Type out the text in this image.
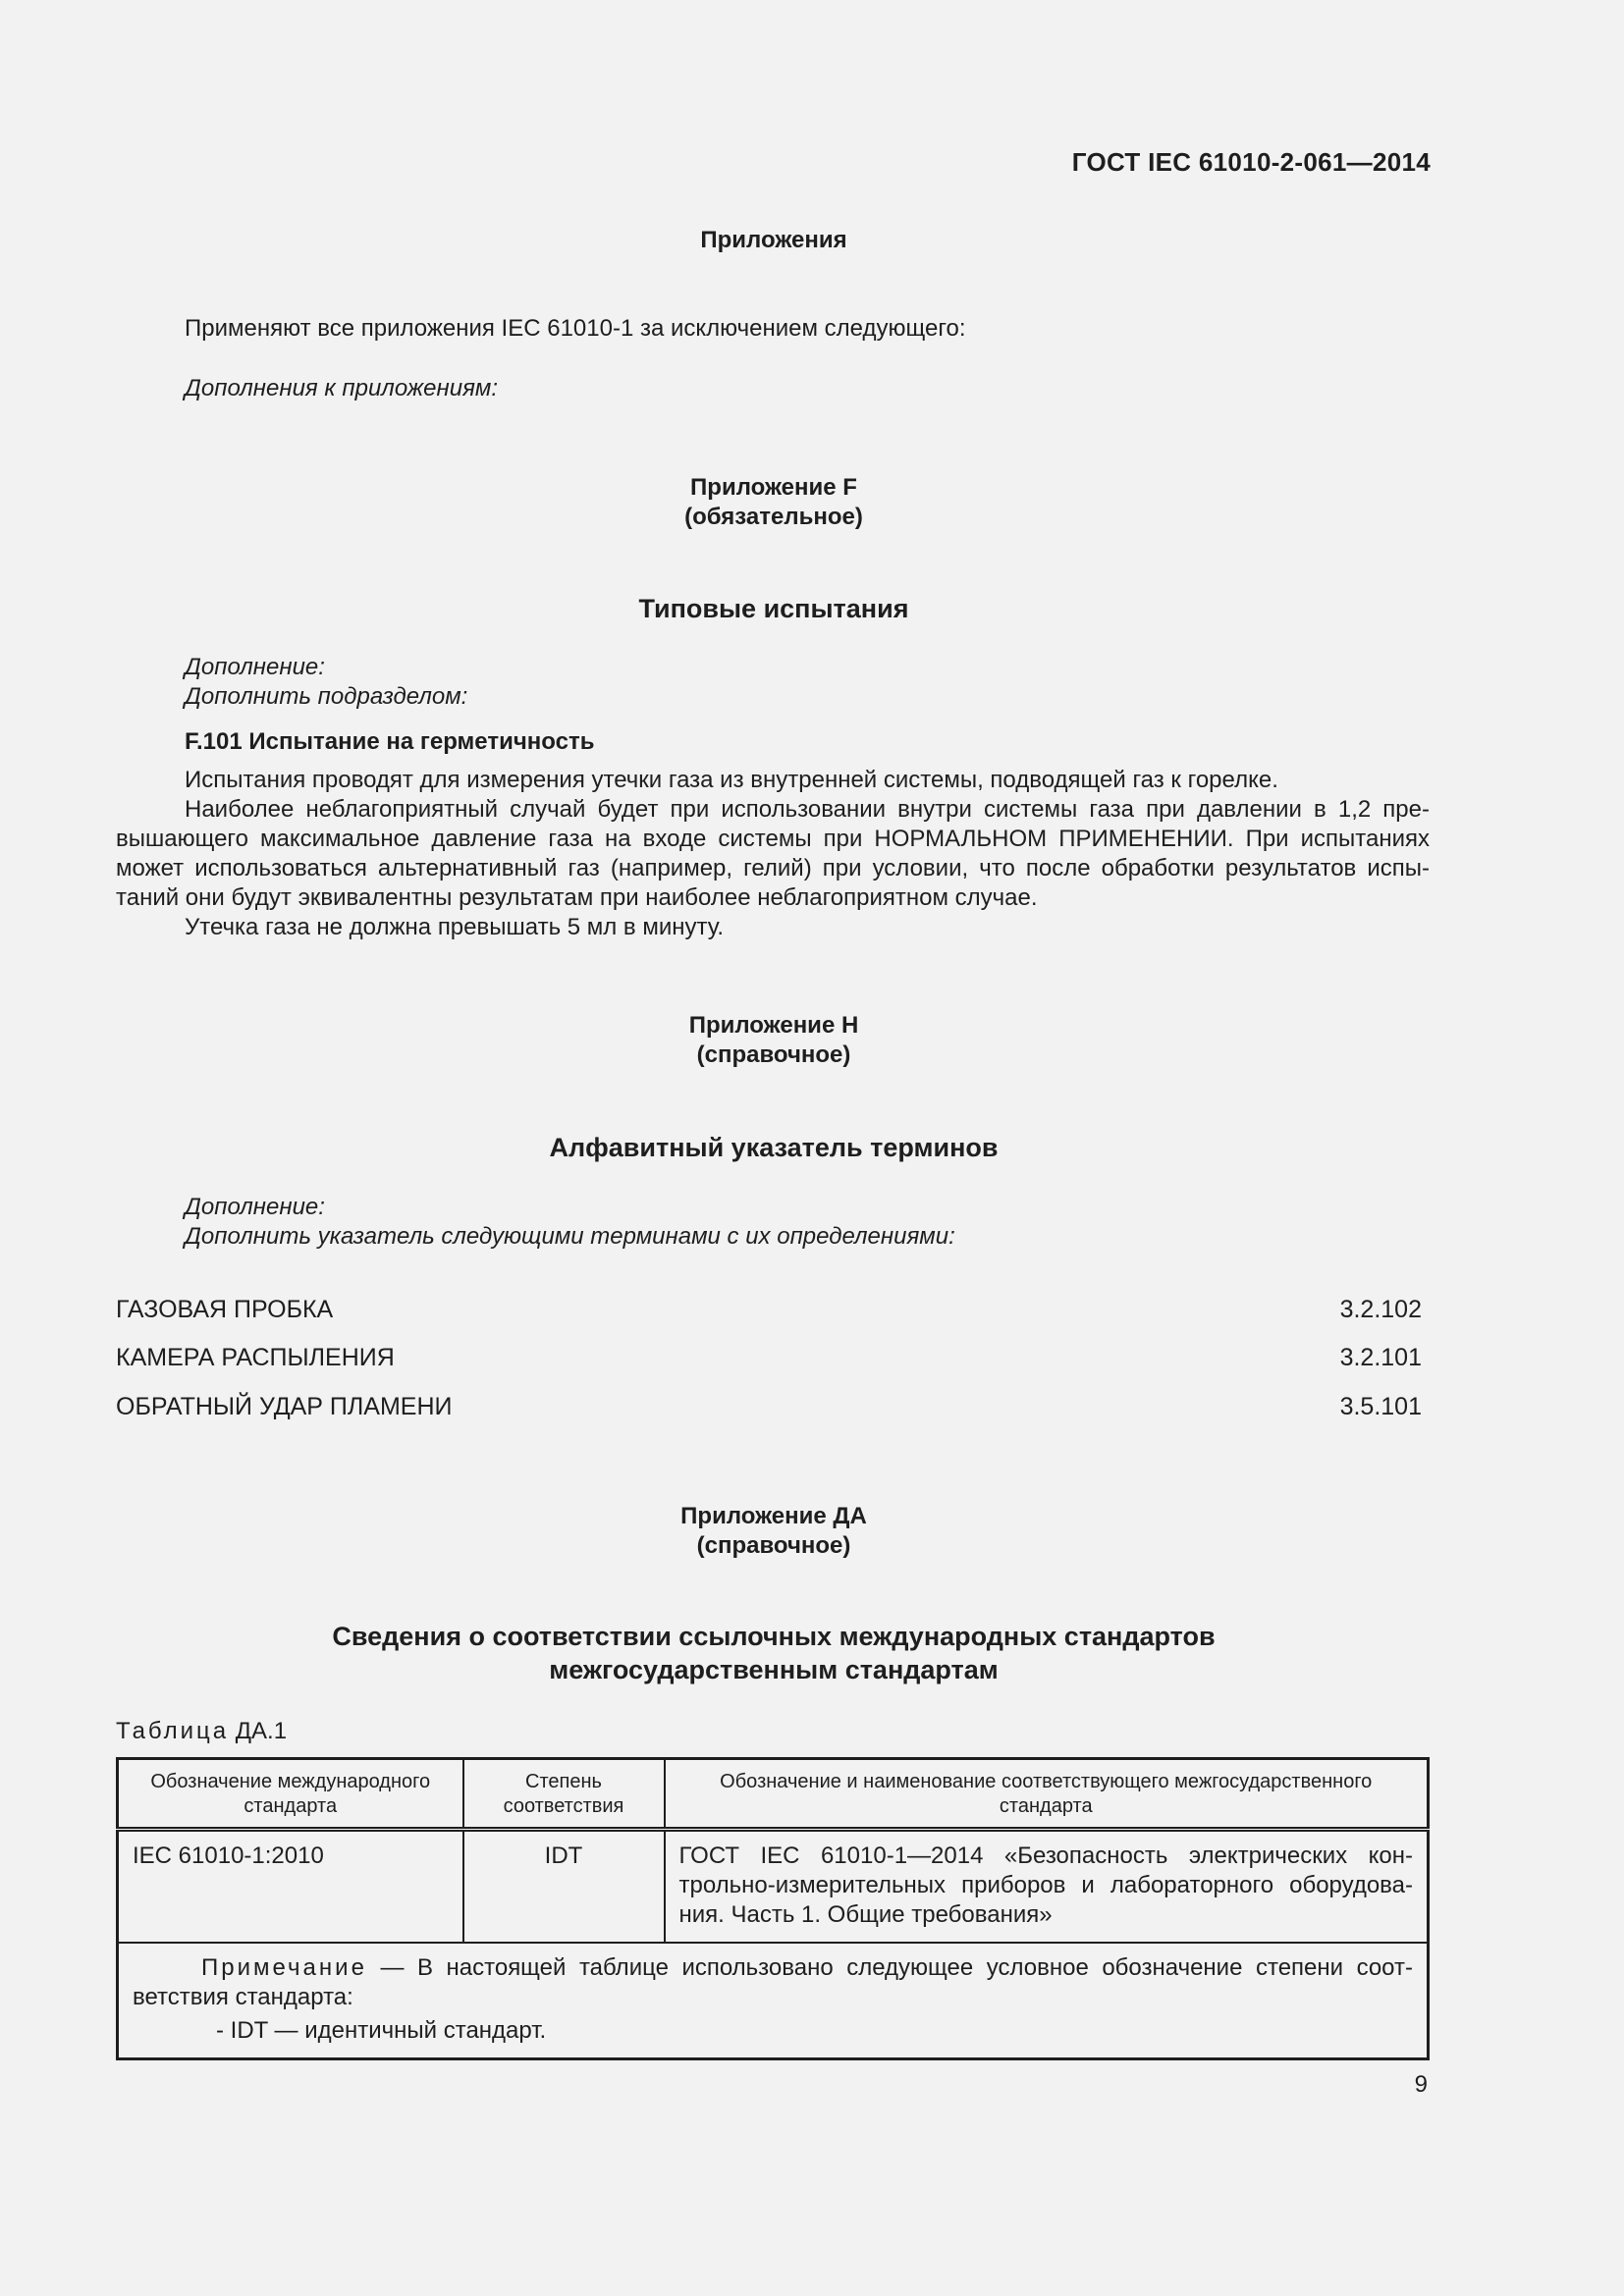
ГОСТ IEC 61010-2-061—2014
Приложения
Применяют все приложения IEC 61010-1 за исключением следующего:
Дополнения к приложениям:
Приложение F
(обязательное)
Типовые испытания
Дополнение:
Дополнить подразделом:
F.101 Испытание на герметичность
Испытания проводят для измерения утечки газа из внутренней системы, подводящей газ к горелке.
Наиболее неблагоприятный случай будет при использовании внутри системы газа при давлении в 1,2 пре- вышающего максимальное давление газа на входе системы при НОРМАЛЬНОМ ПРИМЕНЕНИИ. При испытаниях может использоваться альтернативный газ (например, гелий) при условии, что после обработки результатов испы- таний они будут эквивалентны результатам при наиболее неблагоприятном случае.
Утечка газа не должна превышать 5 мл в минуту.
Приложение H
(справочное)
Алфавитный указатель терминов
Дополнение:
Дополнить указатель следующими терминами с их определениями:
ГАЗОВАЯ ПРОБКА	3.2.102
КАМЕРА РАСПЫЛЕНИЯ	3.2.101
ОБРАТНЫЙ УДАР ПЛАМЕНИ	3.5.101
Приложение ДА
(справочное)
Сведения о соответствии ссылочных международных стандартов
межгосударственным стандартам
Таблица ДА.1
Обозначение международного стандарта	Степень соответствия	Обозначение и наименование соответствующего межгосударственного стандарта
IEC 61010-1:2010	IDT	ГОСТ IEC 61010-1—2014 «Безопасность электрических кон- трольно-измерительных приборов и лабораторного оборудова- ния. Часть 1. Общие требования»

Примечание — В настоящей таблице использовано следующее условное обозначение степени соот- ветствия стандарта:
- IDT — идентичный стандарт.		
9
